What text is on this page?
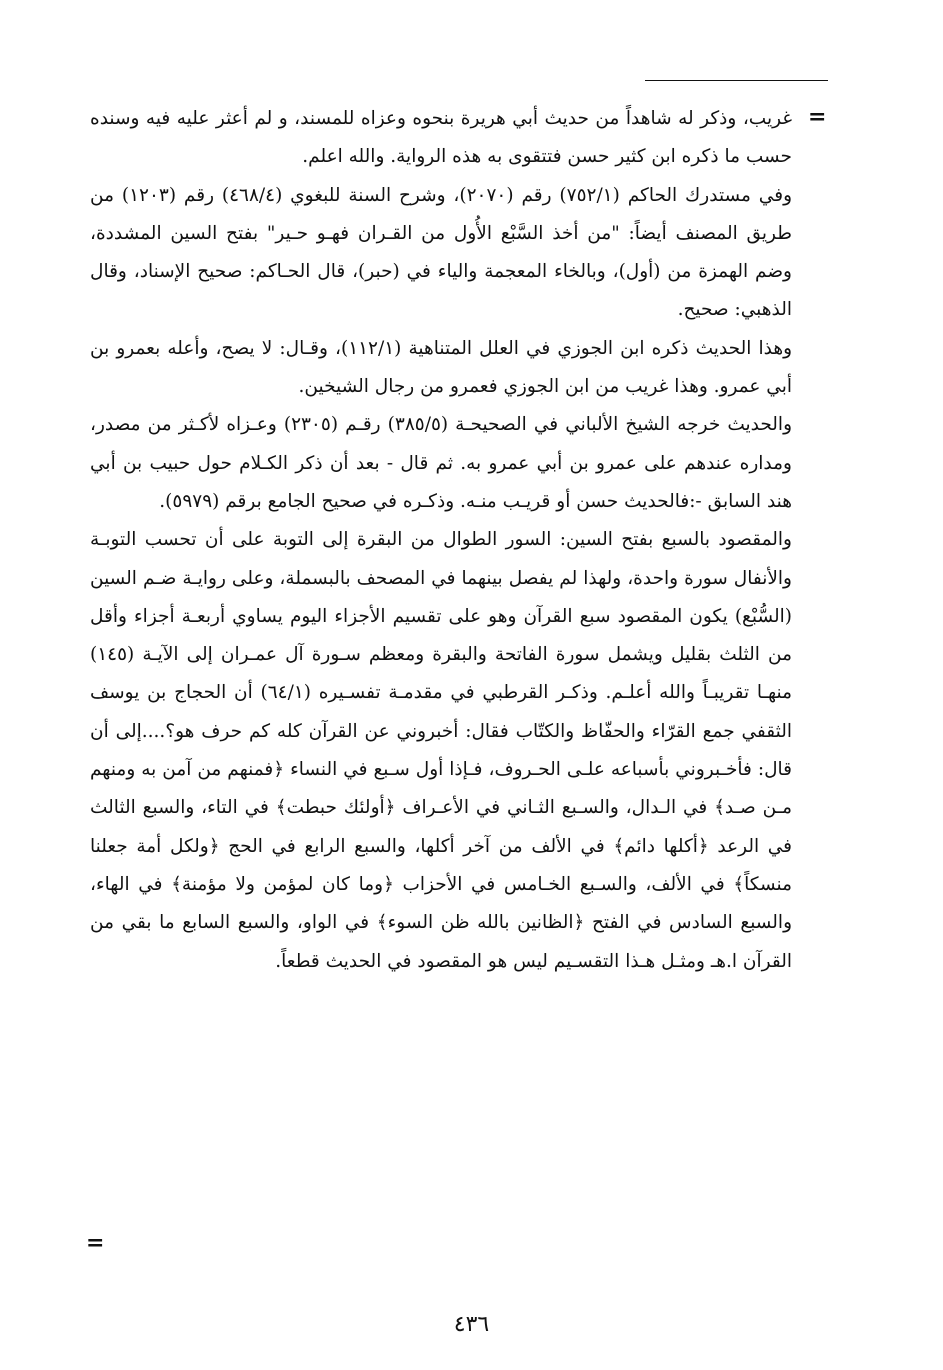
=

غريب، وذكر له شاهداً من حديث أبي هريرة بنحوه وعزاه للمسند، و لم أعثر عليه فيه وسنده حسب ما ذكره ابن كثير حسن فتتقوى به هذه الرواية. والله اعلم.

وفي مستدرك الحاكم (٧٥٢/١) رقم (٢٠٧٠)، وشرح السنة للبغوي (٤٦٨/٤) رقم (١٢٠٣) من طريق المصنف أيضاً: "من أخذ السَّبْع الأُول من القـران فهـو حـير" بفتح السين المشددة، وضم الهمزة من (أول)، وبالخاء المعجمة والياء في (حبر)، قال الحـاكم: صحيح الإسناد، وقال الذهبي: صحيح.

وهذا الحديث ذكره ابن الجوزي في العلل المتناهية (١١٢/١)، وقـال: لا يصح، وأعله بعمرو بن أبي عمرو. وهذا غريب من ابن الجوزي فعمرو من رجال الشيخين.

والحديث خرجه الشيخ الألباني في الصحيحـة (٣٨٥/٥) رقـم (٢٣٠٥) وعـزاه لأكـثر من مصدر، ومداره عندهم على عمرو بن أبي عمرو به. ثم قال - بعد أن ذكر الكـلام حول حبيب بن أبي هند السابق -:فالحديث حسن أو قريـب منـه. وذكـره في صحيح الجامع برقم (٥٩٧٩).

والمقصود بالسبع بفتح السين: السور الطوال من البقرة إلى التوبة على أن تحسب التوبـة والأنفال سورة واحدة، ولهذا لم يفصل بينهما في المصحف بالبسملة، وعلى روايـة ضـم السين (السُّبْع) يكون المقصود سبع القرآن وهو على تقسيم الأجزاء اليوم يساوي أربعـة أجزاء وأقل من الثلث بقليل ويشمل سورة الفاتحة والبقرة ومعظم سـورة آل عمـران إلى الآيـة (١٤٥) منهـا تقريبـاً والله أعلـم. وذكـر القرطبي في مقدمـة تفسـيره (٦٤/١) أن الحجاج بن يوسف الثقفي جمع القرّاء والحفّاظ والكتّاب فقال: أخبروني عن القرآن كله كم حرف هو؟....إلى أن قال: فأخـبروني بأسباعه علـى الحـروف، فـإذا أول سـبع في النساء ﴿فمنهم من آمن به ومنهم مـن صـد﴾ في الـدال، والسـبع الثـاني في الأعـراف ﴿أولئك حبطت﴾ في التاء، والسبع الثالث في الرعد ﴿أكلها دائم﴾ في الألف من آخر أكلها، والسبع الرابع في الحج ﴿ولكل أمة جعلنا منسكاً﴾ في الألف، والسـبع الخـامس في الأحزاب ﴿وما كان لمؤمن ولا مؤمنة﴾ في الهاء، والسبع السادس في الفتح ﴿الظانين بالله ظن السوء﴾ في الواو، والسبع السابع ما بقي من القرآن ا.هـ ومثـل هـذا التقسـيم ليس هو المقصود في الحديث قطعاً.

=
٤٣٦
